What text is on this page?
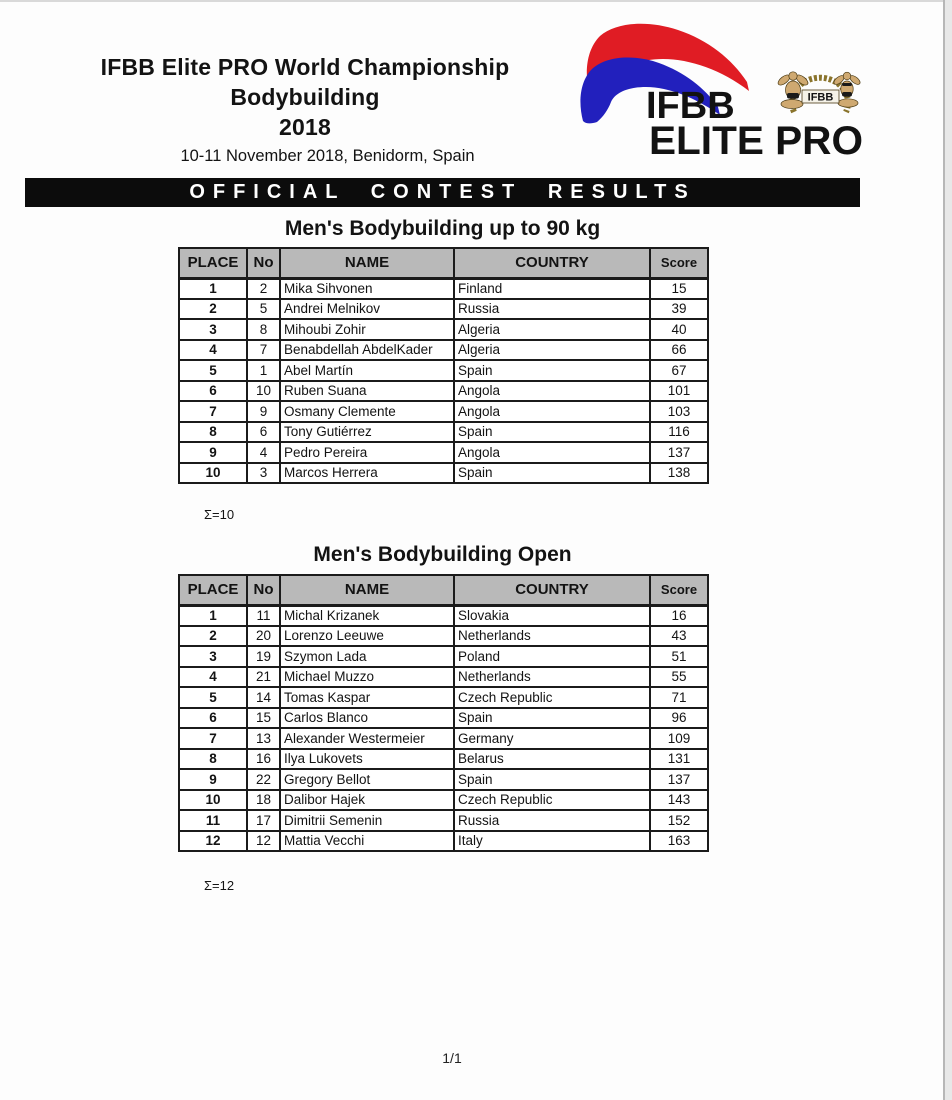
IFBB Elite PRO World Championship Bodybuilding
2018
10-11 November 2018, Benidorm, Spain
OFFICIAL CONTEST RESULTS
IFBB
ELITE PRO
IFBB
Men's Bodybuilding up to 90 kg
PLACE	No	NAME	COUNTRY	Score
1	2	Mika Sihvonen	Finland	15
2	5	Andrei Melnikov	Russia	39
3	8	Mihoubi Zohir	Algeria	40
4	7	Benabdellah AbdelKader	Algeria	66
5	1	Abel Martín	Spain	67
6	10	Ruben Suana	Angola	101
7	9	Osmany Clemente	Angola	103
8	6	Tony Gutiérrez	Spain	116
9	4	Pedro Pereira	Angola	137
10	3	Marcos Herrera	Spain	138
Σ=10
Men's Bodybuilding Open
PLACE	No	NAME	COUNTRY	Score
1	11	Michal Krizanek	Slovakia	16
2	20	Lorenzo Leeuwe	Netherlands	43
3	19	Szymon Lada	Poland	51
4	21	Michael Muzzo	Netherlands	55
5	14	Tomas Kaspar	Czech Republic	71
6	15	Carlos Blanco	Spain	96
7	13	Alexander Westermeier	Germany	109
8	16	Ilya Lukovets	Belarus	131
9	22	Gregory Bellot	Spain	137
10	18	Dalibor Hajek	Czech Republic	143
11	17	Dimitrii Semenin	Russia	152
12	12	Mattia Vecchi	Italy	163
Σ=12
1/1
